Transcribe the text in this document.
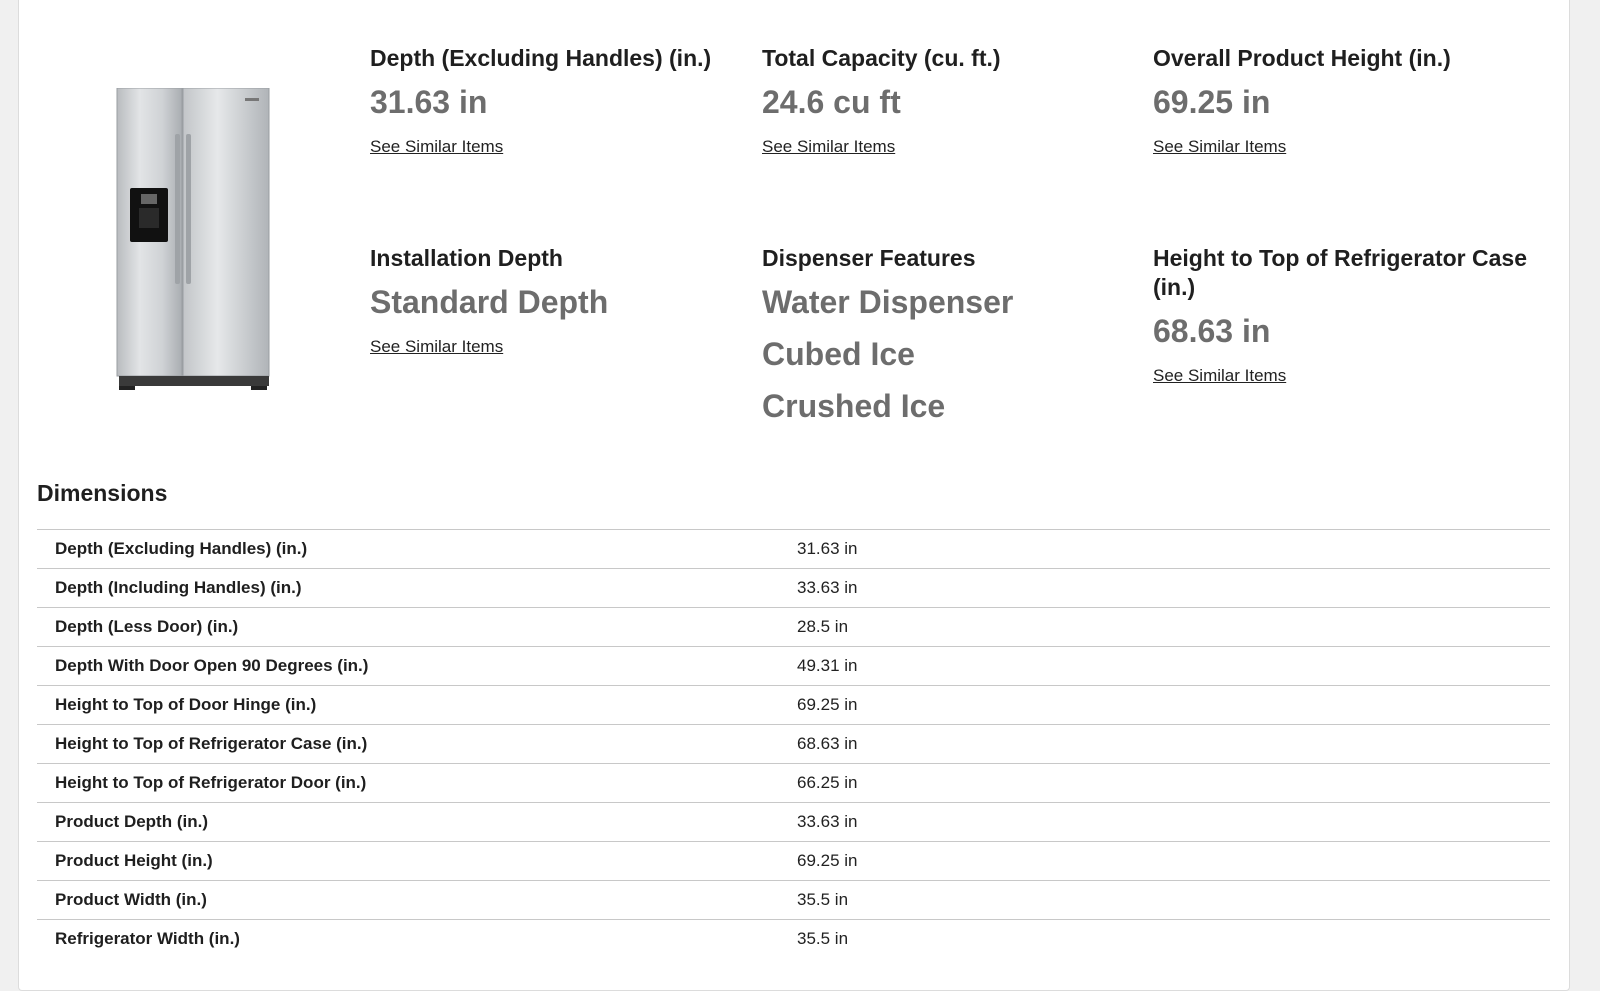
Depth (Excluding Handles) (in.)
31.63 in
See Similar Items
Total Capacity (cu. ft.)
24.6 cu ft
See Similar Items
Overall Product Height (in.)
69.25 in
See Similar Items
Installation Depth
Standard Depth
See Similar Items
Dispenser Features
Water Dispenser
Cubed Ice
Crushed Ice
Height to Top of Refrigerator Case (in.)
68.63 in
See Similar Items
Dimensions
Depth (Excluding Handles) (in.)	31.63 in
Depth (Including Handles) (in.)	33.63 in
Depth (Less Door) (in.)	28.5 in
Depth With Door Open 90 Degrees (in.)	49.31 in
Height to Top of Door Hinge (in.)	69.25 in
Height to Top of Refrigerator Case (in.)	68.63 in
Height to Top of Refrigerator Door (in.)	66.25 in
Product Depth (in.)	33.63 in
Product Height (in.)	69.25 in
Product Width (in.)	35.5 in
Refrigerator Width (in.)	35.5 in
